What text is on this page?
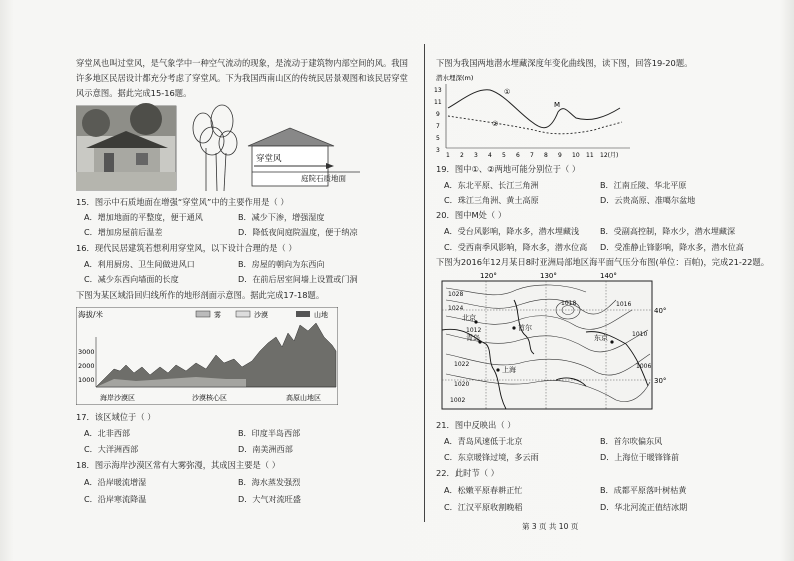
穿堂风也叫过堂风，是气象学中一种空气流动的现象，是流动于建筑物内部空间的风。我国
许多地区民居设计都充分考虑了穿堂风。下为我国西南山区的传统民居景观图和该民居穿堂
风示意图。据此完成15-16题。
穿堂风
庭院石质地面
15．图示中石质地面在增强“穿堂风”中的主要作用是（ ）
A．增加地面的平整度，便于通风	B．减少下渗，增强湿度
C．增加房屋前后温差	D．降低夜间庭院温度，便于纳凉
16．现代民居建筑若想利用穿堂风，以下设计合理的是（ ）
A．利用厨房、卫生间做进风口	B．房屋的朝向为东西向
C．减少东西向墙面的长度	D．在前后居室间墙上设置或门洞
下图为某区域沿回归线所作的地形剖面示意图。据此完成17-18题。
海拔/米	雾	沙漠	山地
3000
2000
1000
海岸沙漠区	沙漠核心区	高原山地区
17．该区域位于（ ）
A．北非西部	B．印度半岛西部
C．大洋洲西部	D．南美洲西部
18．图示海岸沙漠区常有大雾弥漫，其成因主要是（ ）
A．沿岸暖流增湿	B．海水蒸发强烈
C．沿岸寒流降温	D．大气对流旺盛
下图为我国两地潜水埋藏深度年变化曲线图，读下图，回答19-20题。
潜水埋深(m)
13
11
9
7
5
3
①
②
M
1 2 3 4 5 6 7 8 9 10 11 12(月)
19．图中①、②两地可能分别位于（ ）
A．东北平原、长江三角洲	B．江南丘陵、华北平原
C．珠江三角洲、黄土高原	D．云贵高原、准噶尔盆地
20．图中M处（ ）
A．受台风影响，降水多，潜水埋藏浅	B．受副高控制，降水少，潜水埋藏深
C．受西南季风影响，降水多，潜水位高 D．受准静止锋影响，降水多，潜水位高
下图为2016年12月某日8时亚洲局部地区海平面气压分布图(单位：百帕)，完成21-22题。
120°	130°	140°
40°
30°
1028
1024
1022
1020
1018	1016
1010
1006
1002
1012
北京
青岛
首尔
东京
上海
21．图中反映出（ ）
A．青岛风速低于北京	B．首尔吹偏东风
C．东京暖锋过境，多云雨	D．上海位于暖锋锋前
22．此时节（ ）
A．松嫩平原春耕正忙	B．成都平原落叶树枯黄
C．江汉平原收割晚稻	D．华北河流正值结冰期
第 3 页 共 10 页
